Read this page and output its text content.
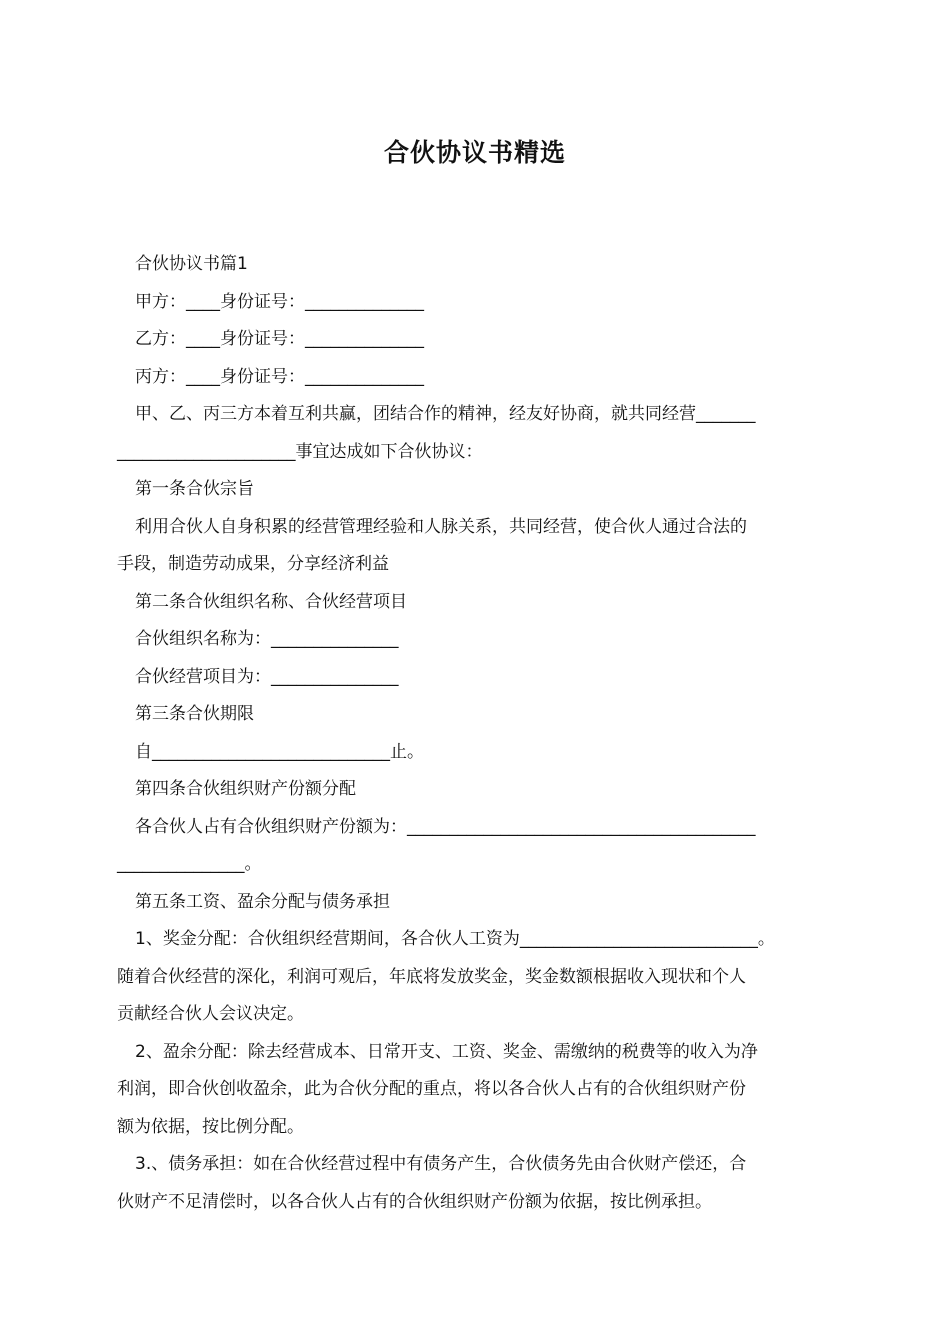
合伙协议书精选

合伙协议书篇1

甲方：____身份证号：______________

乙方：____身份证号：______________

丙方：____身份证号：______________

甲、乙、丙三方本着互利共赢，团结合作的精神，经友好协商，就共同经营_______

_____________________事宜达成如下合伙协议：

第一条合伙宗旨

利用合伙人自身积累的经营管理经验和人脉关系，共同经营，使合伙人通过合法的

手段，制造劳动成果，分享经济利益

第二条合伙组织名称、合伙经营项目

合伙组织名称为：_______________

合伙经营项目为：_______________

第三条合伙期限

自____________________________止。

第四条合伙组织财产份额分配

各合伙人占有合伙组织财产份额为：_________________________________________

_______________。

第五条工资、盈余分配与债务承担

1、奖金分配：合伙组织经营期间，各合伙人工资为____________________________。

随着合伙经营的深化，利润可观后，年底将发放奖金，奖金数额根据收入现状和个人

贡献经合伙人会议决定。

2、盈余分配：除去经营成本、日常开支、工资、奖金、需缴纳的税费等的收入为净

利润，即合伙创收盈余，此为合伙分配的重点，将以各合伙人占有的合伙组织财产份

额为依据，按比例分配。

3.、债务承担：如在合伙经营过程中有债务产生，合伙债务先由合伙财产偿还，合

伙财产不足清偿时，以各合伙人占有的合伙组织财产份额为依据，按比例承担。
